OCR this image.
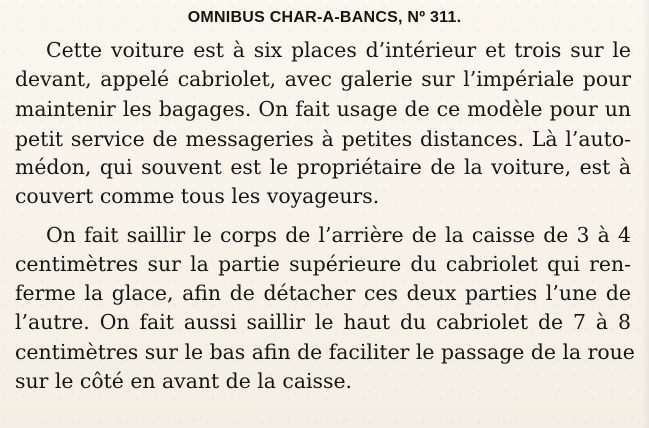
OMNIBUS CHAR-A-BANCS, Nº 311.
Cette voiture est à six places d’intérieur et trois sur le
devant, appelé cabriolet, avec galerie sur l’impériale pour
maintenir les bagages. On fait usage de ce modèle pour un
petit service de messageries à petites distances. Là l’auto-
médon, qui souvent est le propriétaire de la voiture, est à
couvert comme tous les voyageurs.
On fait saillir le corps de l’arrière de la caisse de 3 à 4
centimètres sur la partie supérieure du cabriolet qui ren-
ferme la glace, afin de détacher ces deux parties l’une de
l’autre. On fait aussi saillir le haut du cabriolet de 7 à 8
centimètres sur le bas afin de faciliter le passage de la roue
sur le côté en avant de la caisse.
